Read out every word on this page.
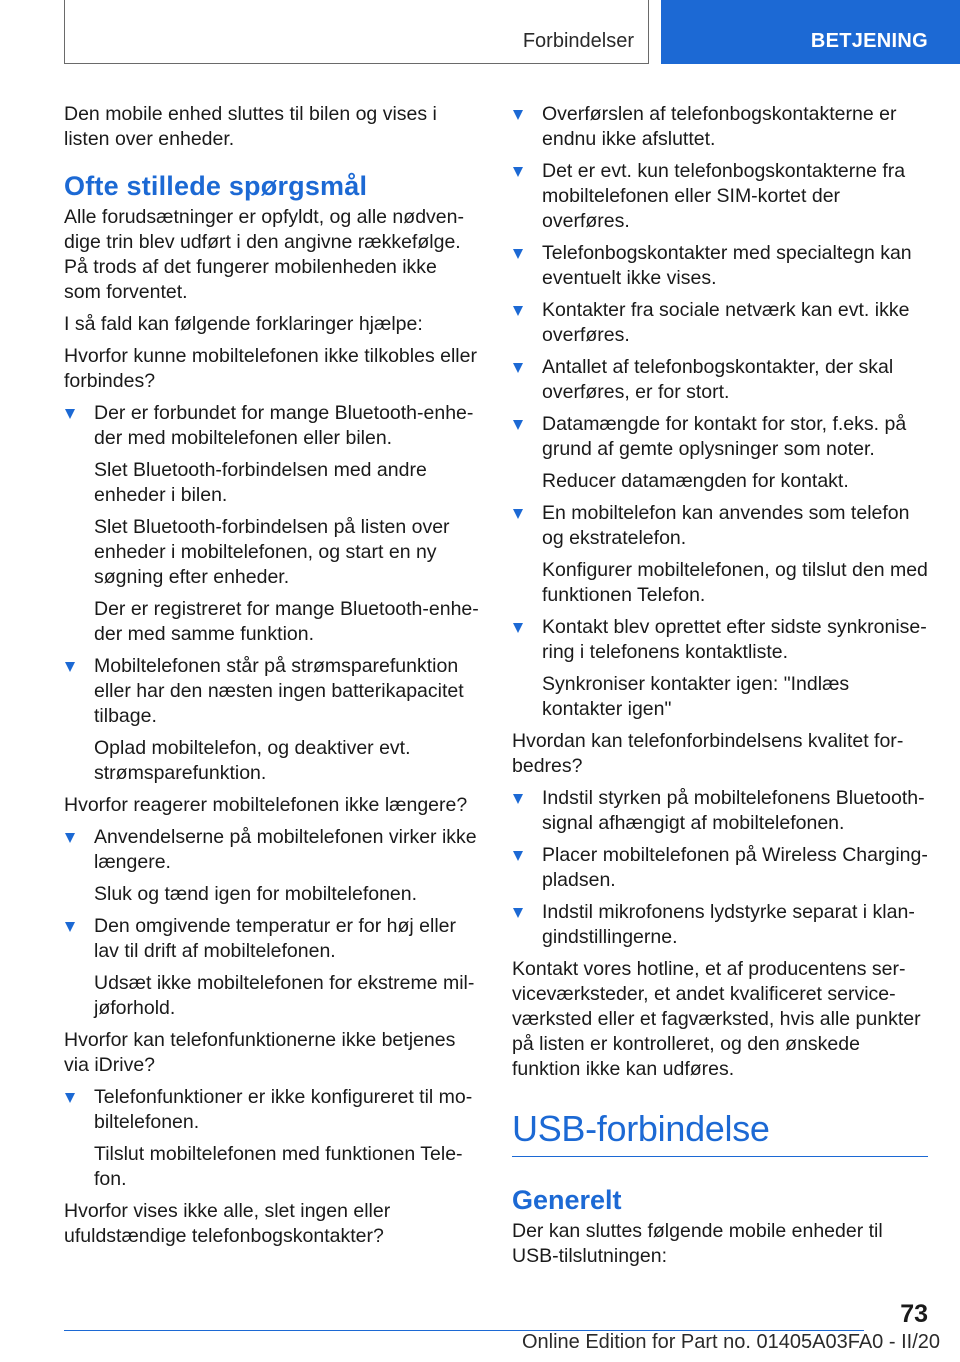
Forbindelser	BETJENING

Den mobile enhed sluttes til bilen og vises i listen over enheder.

Ofte stillede spørgsmål

Alle forudsætninger er opfyldt, og alle nødvendige trin blev udført i den angivne rækkefølge. På trods af det fungerer mobilenheden ikke som forventet.

I så fald kan følgende forklaringer hjælpe:

Hvorfor kunne mobiltelefonen ikke tilkobles eller forbindes?

Der er forbundet for mange Bluetooth-enheder med mobiltelefonen eller bilen.
Slet Bluetooth-forbindelsen med andre enheder i bilen.
Slet Bluetooth-forbindelsen på listen over enheder i mobiltelefonen, og start en ny søgning efter enheder.
Der er registreret for mange Bluetooth-enheder med samme funktion.
Mobiltelefonen står på strømsparefunktion eller har den næsten ingen batterikapacitet tilbage.
Oplad mobiltelefon, og deaktiver evt. strømsparefunktion.

Hvorfor reagerer mobiltelefonen ikke længere?

Anvendelserne på mobiltelefonen virker ikke længere.
Sluk og tænd igen for mobiltelefonen.
Den omgivende temperatur er for høj eller lav til drift af mobiltelefonen.
Udsæt ikke mobiltelefonen for ekstreme miljøforhold.

Hvorfor kan telefonfunktionerne ikke betjenes via iDrive?

Telefonfunktioner er ikke konfigureret til mobiltelefonen.
Tilslut mobiltelefonen med funktionen Telefon.

Hvorfor vises ikke alle, slet ingen eller ufuldstændige telefonbogskontakter?

Overførslen af telefonbogskontakterne er endnu ikke afsluttet.
Det er evt. kun telefonbogskontakterne fra mobiltelefonen eller SIM-kortet der overføres.
Telefonbogskontakter med specialtegn kan eventuelt ikke vises.
Kontakter fra sociale netværk kan evt. ikke overføres.
Antallet af telefonbogskontakter, der skal overføres, er for stort.
Datamængde for kontakt for stor, f.eks. på grund af gemte oplysninger som noter.
Reducer datamængden for kontakt.
En mobiltelefon kan anvendes som telefon og ekstratelefon.
Konfigurer mobiltelefonen, og tilslut den med funktionen Telefon.
Kontakt blev oprettet efter sidste synkronisering i telefonens kontaktliste.
Synkroniser kontakter igen: "Indlæs kontakter igen"

Hvordan kan telefonforbindelsens kvalitet forbedres?

Indstil styrken på mobiltelefonens Bluetooth-signal afhængigt af mobiltelefonen.
Placer mobiltelefonen på Wireless Charging-pladsen.
Indstil mikrofonens lydstyrke separat i klangindstillingerne.

Kontakt vores hotline, et af producentens serviceværksteder, et andet kvalificeret serviceværksted eller et fagværksted, hvis alle punkter på listen er kontrolleret, og den ønskede funktion ikke kan udføres.

USB-forbindelse
Generelt

Der kan sluttes følgende mobile enheder til USB-tilslutningen:

73
Online Edition for Part no. 01405A03FA0 - II/20
